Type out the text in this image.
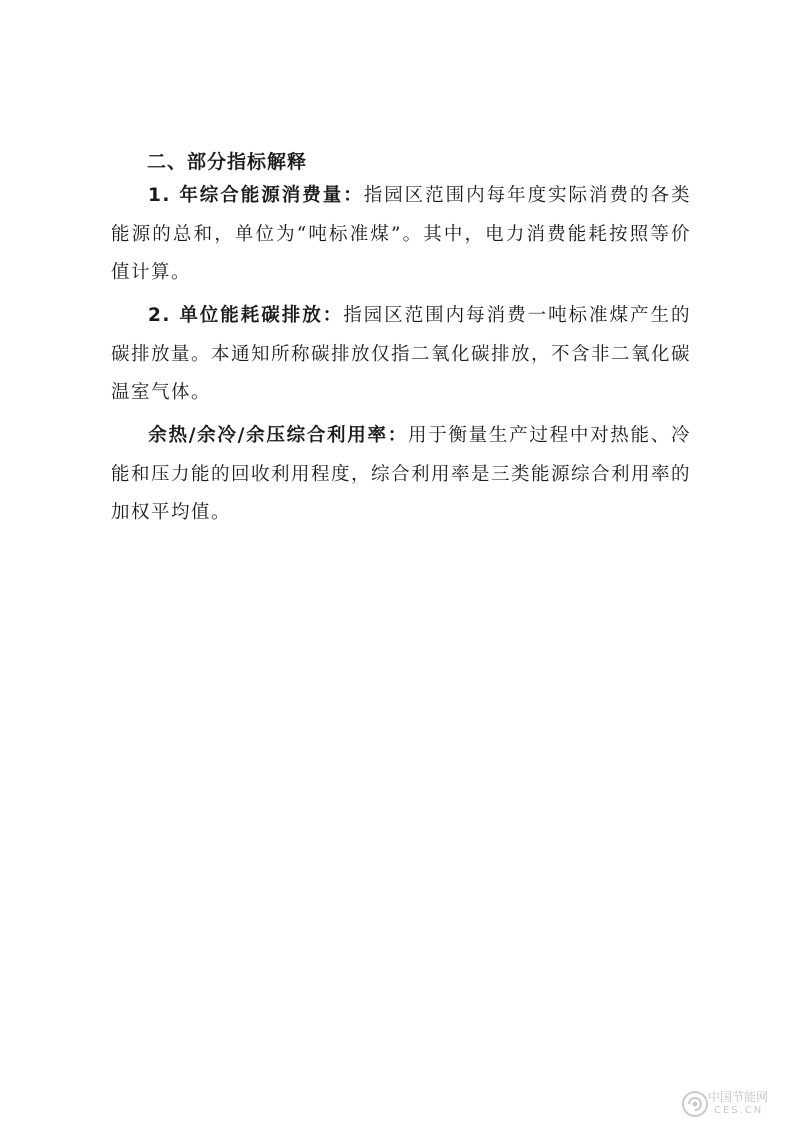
二、部分指标解释
1. 年综合能源消费量：指园区范围内每年度实际消费的各类能源的总和，单位为“吨标准煤”。其中，电力消费能耗按照等价值计算。
2. 单位能耗碳排放：指园区范围内每消费一吨标准煤产生的碳排放量。本通知所称碳排放仅指二氧化碳排放，不含非二氧化碳温室气体。
余热/余冷/余压综合利用率：用于衡量生产过程中对热能、冷能和压力能的回收利用程度，综合利用率是三类能源综合利用率的加权平均值。
中国节能网
CES.CN
